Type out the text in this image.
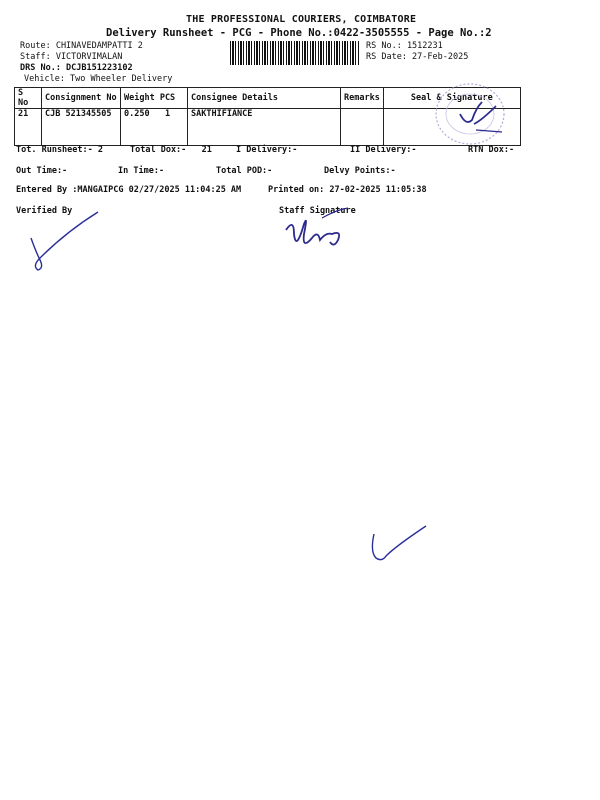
THE PROFESSIONAL COURIERS, COIMBATORE
Delivery Runsheet - PCG - Phone No.:0422-3505555 - Page No.:2
Route: CHINAVEDAMPATTI 2
Staff: VICTORVIMALAN
DRS No.: DCJB151223102
Vehicle: Two Wheeler Delivery
RS No.: 1512231
RS Date: 27-Feb-2025
S No	Consignment No	Weight PCS	Consignee Details	Remarks	Seal & Signature
21	CJB 521345505	0.250   1	SAKTHIFIANCE		
Tot. Runsheet:- 2	Total Dox:-   21	I Delivery:-	II Delivery:-	RTN Dox:-
Out Time:-	In Time:-	Total POD:-	Delvy Points:-
Entered By :MANGAIPCG 02/27/2025 11:04:25 AM	Printed on: 27-02-2025 11:05:38
Verified By	Staff Signature
